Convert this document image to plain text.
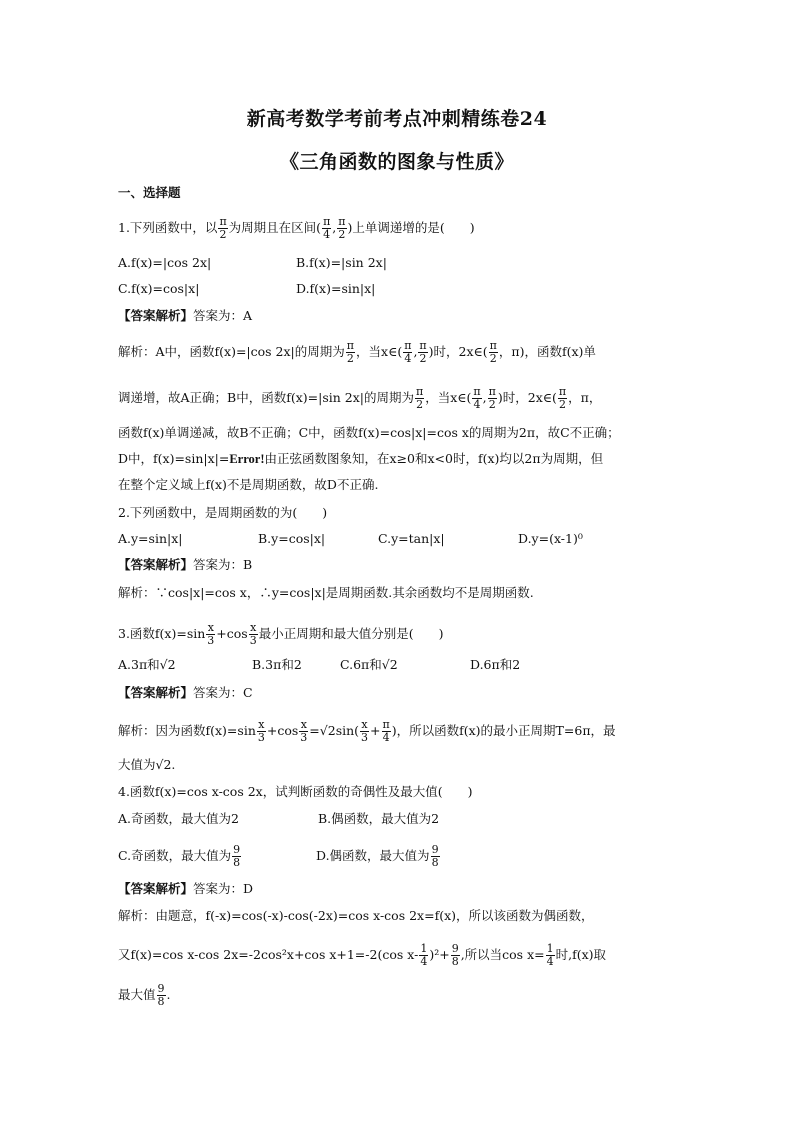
新高考数学考前考点冲刺精练卷24
《三角函数的图象与性质》
一、选择题
1.下列函数中，以 $\frac{\pi}{2}$ 为周期且在区间( $\frac{\pi}{4}$ , $\frac{\pi}{2}$ )上单调递增的是(　　)
A.f(x)=|cos 2x|	B.f(x)=|sin 2x|
C.f(x)=cos|x|	D.f(x)=sin|x|
【答案解析】答案为：A
解析：A中，函数f(x)=|cos 2x|的周期为 $\frac{\pi}{2}$ ，当x∈( $\frac{\pi}{4}$ , $\frac{\pi}{2}$ )时，2x∈( $\frac{\pi}{2}$ ，π)，函数f(x)单
调递增，故A正确；B中，函数f(x)=|sin 2x|的周期为 $\frac{\pi}{2}$ ，当x∈( $\frac{\pi}{4}$ , $\frac{\pi}{2}$ )时，2x∈( $\frac{\pi}{2}$ ，π，
函数f(x)单调递减，故B不正确；C中，函数f(x)=cos|x|=cos x的周期为2π，故C不正确；
D中，f(x)=sin|x|=Error!由正弦函数图象知，在x≥0和x<0时，f(x)均以2π为周期，但
在整个定义域上f(x)不是周期函数，故D不正确.
2.下列函数中，是周期函数的为(　　)
A.y=sin|x|	B.y=cos|x|	C.y=tan|x|	D.y=(x-1)⁰
【答案解析】答案为：B
解析：∵cos|x|=cos x，∴y=cos|x|是周期函数.其余函数均不是周期函数.
3.函数$f(x)=\sin \frac{x}{3} +\cos \frac{x}{3}$ 最小正周期和最大值分别是(　　)
A.3π和√2	B.3π和2	C.6π和√2	D.6π和2
【答案解析】答案为：C
解析：因为函数$f(x)=\sin \frac{x}{3} +\cos \frac{x}{3} =√2\sin( \frac{x}{3} + \frac{\pi}{4}$ )，所以函数f(x)的最小正周期T=6π，最
大值为√2.
4.函数f(x)=cos x-cos 2x，试判断函数的奇偶性及最大值(　　)
A.奇函数，最大值为2	B.偶函数，最大值为2
C.奇函数，最大值为 $\frac{9}{8}$	D.偶函数，最大值为 $\frac{9}{8}$
【答案解析】答案为：D
解析：由题意，f(-x)=cos(-x)-cos(-2x)=cos x-cos 2x=f(x)，所以该函数为偶函数，
又f(x)=cos x-cos 2x=-2cos²x+cos x+1=-2(cos $x- \frac{1}{4} )^2+ \frac{9}{8}$ ,所以当$\cos x= \frac{1}{4}$ 时,f(x)取
最大值 $\frac{9}{8}$ .
